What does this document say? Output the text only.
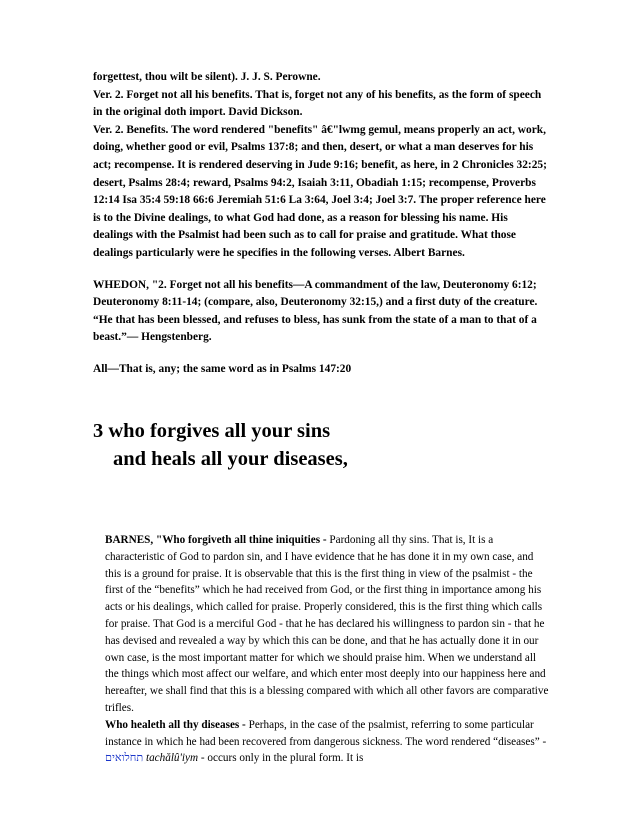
forgettest, thou wilt be silent). J. J. S. Perowne.

Ver. 2. Forget not all his benefits. That is, forget not any of his benefits, as the form of speech in the original doth import. David Dickson.

Ver. 2. Benefits. The word rendered "benefits" â€"lwmg gemul, means properly an act, work, doing, whether good or evil, Psalms 137:8; and then, desert, or what a man deserves for his act; recompense. It is rendered deserving in Jude 9:16; benefit, as here, in 2 Chronicles 32:25; desert, Psalms 28:4; reward, Psalms 94:2, Isaiah 3:11, Obadiah 1:15; recompense, Proverbs 12:14 Isa 35:4 59:18 66:6 Jeremiah 51:6 La 3:64, Joel 3:4; Joel 3:7. The proper reference here is to the Divine dealings, to what God had done, as a reason for blessing his name. His dealings with the Psalmist had been such as to call for praise and gratitude. What those dealings particularly were he specifies in the following verses. Albert Barnes.

WHEDON, "2. Forget not all his benefits—A commandment of the law, Deuteronomy 6:12; Deuteronomy 8:11-14; (compare, also, Deuteronomy 32:15,) and a first duty of the creature. “He that has been blessed, and refuses to bless, has sunk from the state of a man to that of a beast.”— Hengstenberg.

All—That is, any; the same word as in Psalms 147:20

3 who forgives all your sins
and heals all your diseases,

BARNES, "Who forgiveth all thine iniquities - Pardoning all thy sins. That is, It is a characteristic of God to pardon sin, and I have evidence that he has done it in my own case, and this is a ground for praise. It is observable that this is the first thing in view of the psalmist - the first of the “benefits” which he had received from God, or the first thing in importance among his acts or his dealings, which called for praise. Properly considered, this is the first thing which calls for praise. That God is a merciful God - that he has declared his willingness to pardon sin - that he has devised and revealed a way by which this can be done, and that he has actually done it in our own case, is the most important matter for which we should praise him. When we understand all the things which most affect our welfare, and which enter most deeply into our happiness here and hereafter, we shall find that this is a blessing compared with which all other favors are comparative trifles.

Who healeth all thy diseases - Perhaps, in the case of the psalmist, referring to some particular instance in which he had been recovered from dangerous sickness. The word rendered “diseases” - תחלואים tachălû'iym - occurs only in the plural form. It is
